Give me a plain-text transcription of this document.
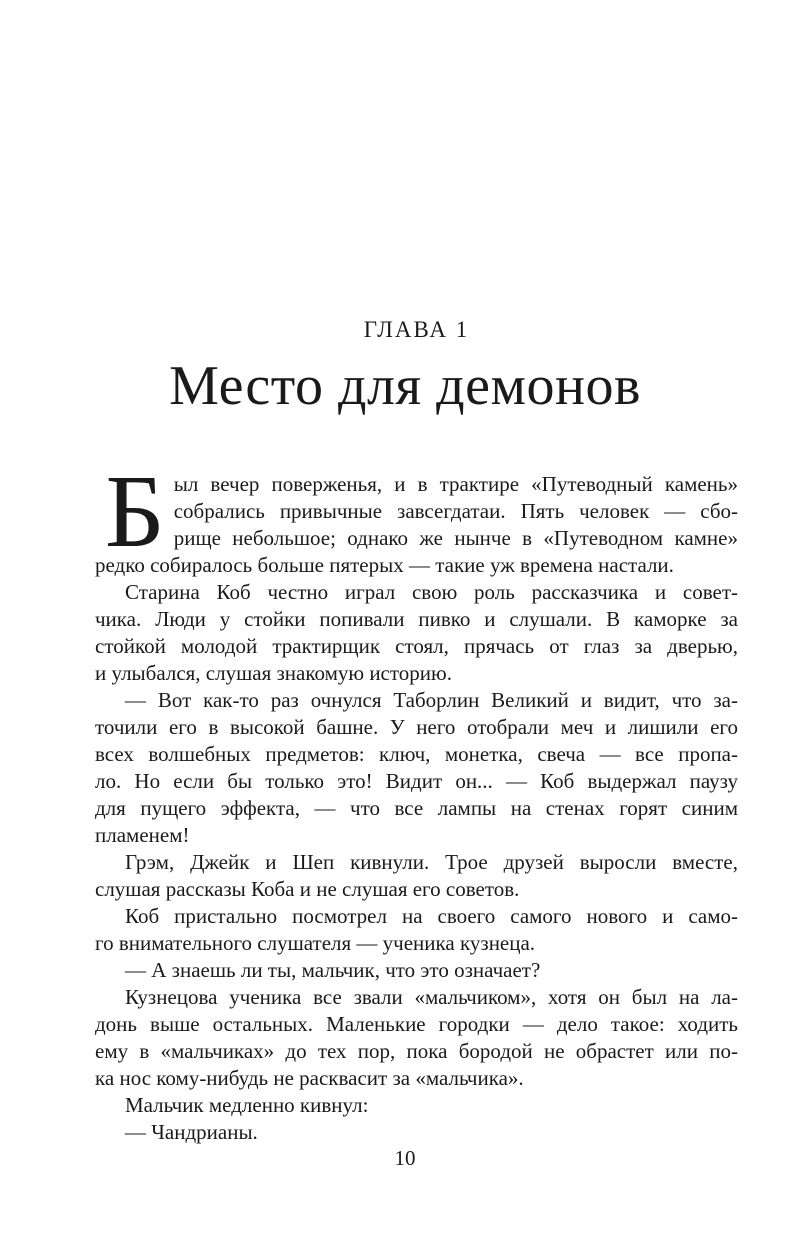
ГЛАВА 1
Место для демонов
Б ыл вечер поверженья, и в трактире «Путеводный камень»
собрались привычные завсегдатаи. Пять человек — сбо-
рище небольшое; однако же нынче в «Путеводном камне»
редко собиралось больше пятерых — такие уж времена настали.
Старина Коб честно играл свою роль рассказчика и совет-
чика. Люди у стойки попивали пивко и слушали. В каморке за
стойкой молодой трактирщик стоял, прячась от глаз за дверью,
и улыбался, слушая знакомую историю.
— Вот как-то раз очнулся Таборлин Великий и видит, что за-
точили его в высокой башне. У него отобрали меч и лишили его
всех волшебных предметов: ключ, монетка, свеча — все пропа-
ло. Но если бы только это! Видит он... — Коб выдержал паузу
для пущего эффекта, — что все лампы на стенах горят синим
пламенем!
Грэм, Джейк и Шеп кивнули. Трое друзей выросли вместе,
слушая рассказы Коба и не слушая его советов.
Коб пристально посмотрел на своего самого нового и само-
го внимательного слушателя — ученика кузнеца.
— А знаешь ли ты, мальчик, что это означает?
Кузнецова ученика все звали «мальчиком», хотя он был на ла-
донь выше остальных. Маленькие городки — дело такое: ходить
ему в «мальчиках» до тех пор, пока бородой не обрастет или по-
ка нос кому-нибудь не расквасит за «мальчика».
Мальчик медленно кивнул:
— Чандрианы.
10
